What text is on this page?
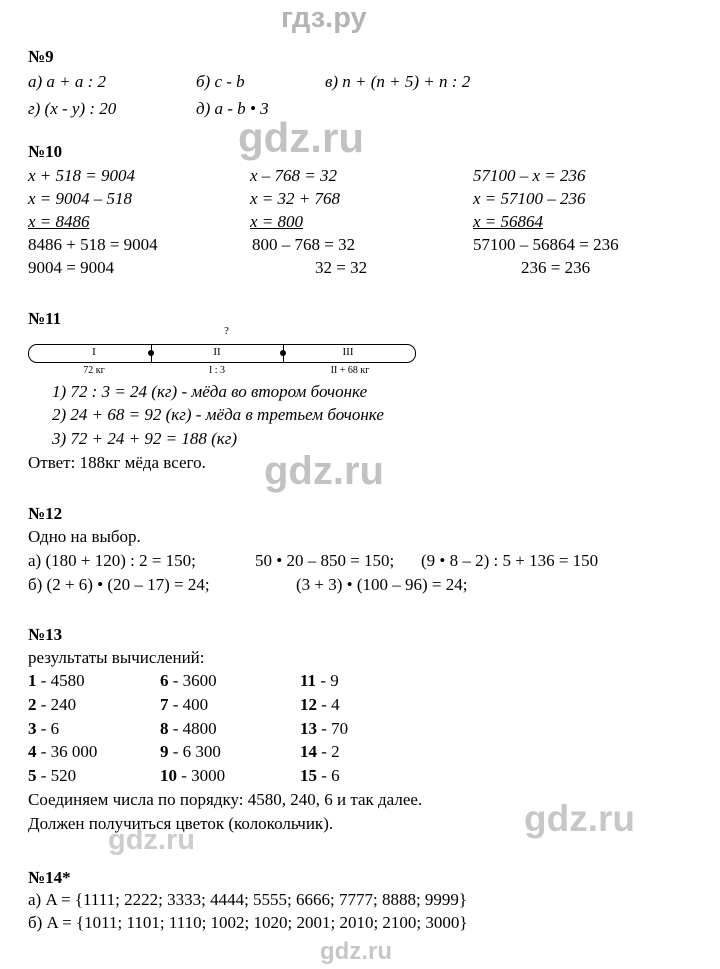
гдз.ру
gdz.ru
gdz.ru
gdz.ru
gdz.ru
gdz.ru
№9
а) a + a : 2	б) c - b	в) n + (n + 5) + n : 2
г) (x - y) : 20	д) a - b • 3
№10
x + 518 = 9004
x = 9004 – 518
x = 8486
8486 + 518 = 9004
9004 = 9004
x – 768 = 32
x = 32 + 768
x = 800
800 – 768 = 32
32 = 32
57100 – x = 236
x = 57100 – 236
x = 56864
57100 – 56864 = 236
236 = 236
№11
?
I	II	III
72 кг	I : 3	II + 68 кг
1) 72 : 3 = 24 (кг) - мёда во втором бочонке
2) 24 + 68 = 92 (кг) - мёда в третьем бочонке
3) 72 + 24 + 92 = 188 (кг)
Ответ: 188кг мёда всего.
№12
Одно на выбор.
а) (180 + 120) : 2 = 150;	50 • 20 – 850 = 150; (9 • 8 – 2) : 5 + 136 = 150
б) (2 + 6) • (20 – 17) = 24;	(3 + 3) • (100 – 96) = 24;
№13
результаты вычислений:
1 - 4580
2 - 240
3 - 6
4 - 36 000
5 - 520
6 - 3600
7 - 400
8 - 4800
9 - 6 300
10 - 3000
11 - 9
12 - 4
13 - 70
14 - 2
15 - 6
Соединяем числа по порядку: 4580, 240, 6 и так далее.
Должен получиться цветок (колокольчик).
№14*
а) A = {1111; 2222; 3333; 4444; 5555; 6666; 7777; 8888; 9999}
б) A = {1011; 1101; 1110; 1002; 1020; 2001; 2010; 2100; 3000}
